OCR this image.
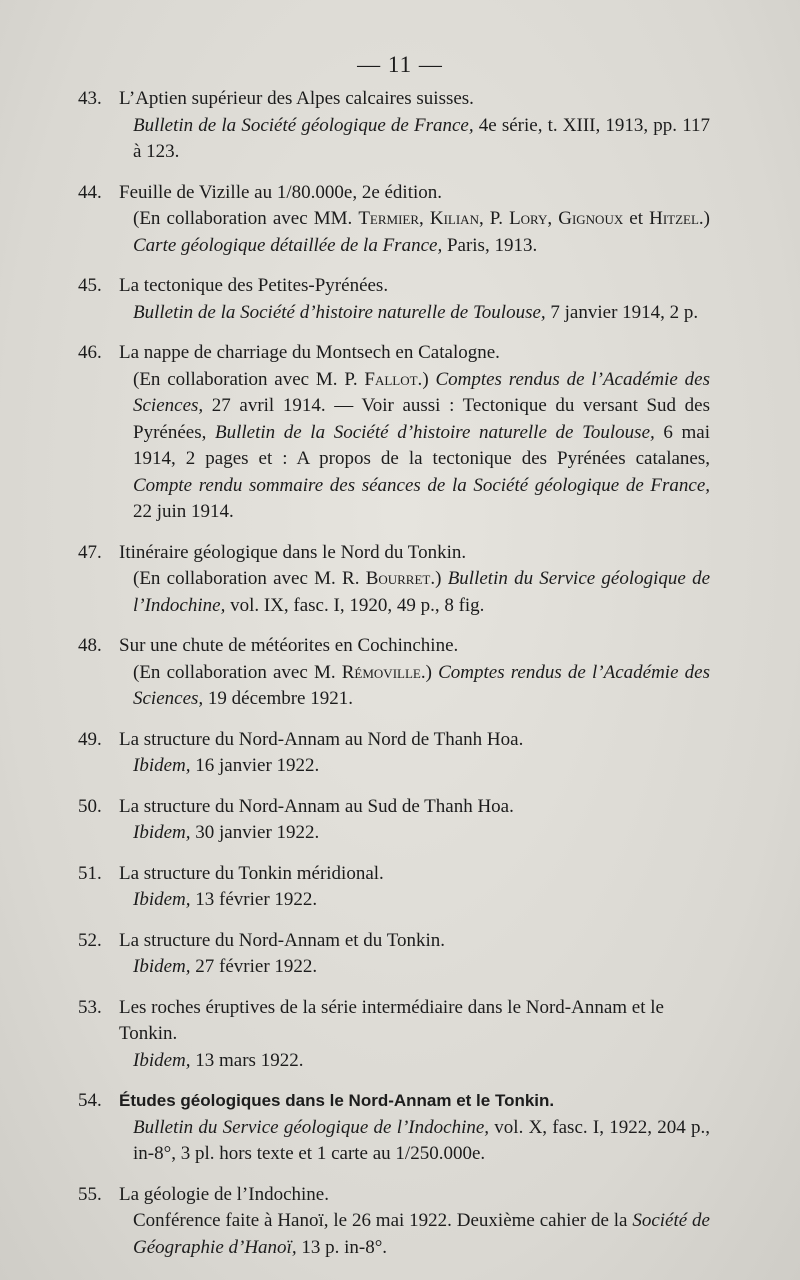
— 11 —
43. L’Aptien supérieur des Alpes calcaires suisses.
Bulletin de la Société géologique de France, 4e série, t. XIII, 1913, pp. 117 à 123.
44. Feuille de Vizille au 1/80.000e, 2e édition.
(En collaboration avec MM. Termier, Kilian, P. Lory, Gignoux et Hitzel.) Carte géologique détaillée de la France, Paris, 1913.
45. La tectonique des Petites-Pyrénées.
Bulletin de la Société d’histoire naturelle de Toulouse, 7 janvier 1914, 2 p.
46. La nappe de charriage du Montsech en Catalogne.
(En collaboration avec M. P. Fallot.) Comptes rendus de l’Académie des Sciences, 27 avril 1914. — Voir aussi : Tectonique du versant Sud des Pyrénées, Bulletin de la Société d’histoire naturelle de Toulouse, 6 mai 1914, 2 pages et : A propos de la tectonique des Pyrénées catalanes, Compte rendu sommaire des séances de la Société géologique de France, 22 juin 1914.
47. Itinéraire géologique dans le Nord du Tonkin.
(En collaboration avec M. R. Bourret.) Bulletin du Service géologique de l’Indochine, vol. IX, fasc. I, 1920, 49 p., 8 fig.
48. Sur une chute de météorites en Cochinchine.
(En collaboration avec M. Rémoville.) Comptes rendus de l’Académie des Sciences, 19 décembre 1921.
49. La structure du Nord-Annam au Nord de Thanh Hoa.
Ibidem, 16 janvier 1922.
50. La structure du Nord-Annam au Sud de Thanh Hoa.
Ibidem, 30 janvier 1922.
51. La structure du Tonkin méridional.
Ibidem, 13 février 1922.
52. La structure du Nord-Annam et du Tonkin.
Ibidem, 27 février 1922.
53. Les roches éruptives de la série intermédiaire dans le Nord-Annam et le Tonkin.
Ibidem, 13 mars 1922.
54.	Études géologiques dans le Nord-Annam et le Tonkin.
Bulletin du Service géologique de l’Indochine, vol. X, fasc. I, 1922, 204 p., in-8°, 3 pl. hors texte et 1 carte au 1/250.000e.
55. La géologie de l’Indochine.
Conférence faite à Hanoï, le 26 mai 1922. Deuxième cahier de la Société de Géographie d’Hanoï, 13 p. in-8°.
